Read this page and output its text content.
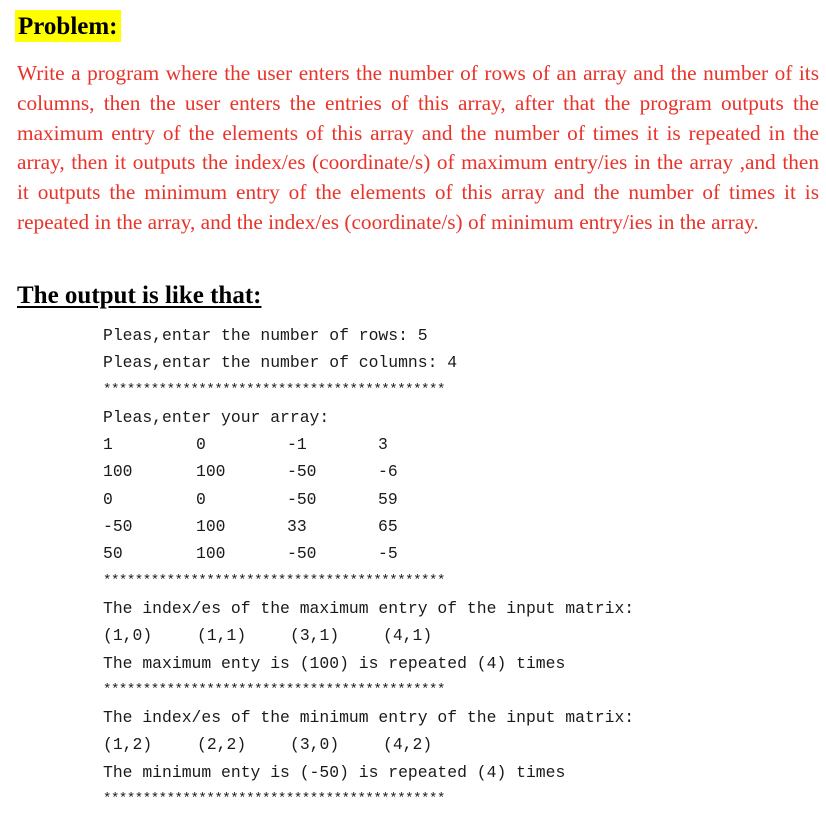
Problem:

Write a program where the user enters the number of rows of an array and the number of its columns, then the user enters the entries of this array, after that the program outputs the maximum entry of the elements of this array and the number of times it is repeated in the array, then it outputs the index/es (coordinate/s) of maximum entry/ies in the array ,and then it outputs the minimum entry of the elements of this array and the number of times it is repeated in the array, and the index/es (coordinate/s) of minimum entry/ies in the array.

The output is like that:
Pleas,entar the number of rows: 5
Pleas,entar the number of columns: 4
*******************************************
Pleas,enter your array:
1	0	-1	3
100	100	-50	-6
0	0	-50	59
-50	100	33	65
50	100	-50	-5
*******************************************
The index/es of the maximum entry of the input matrix:
(1,0)	(1,1)	(3,1)	(4,1)
The maximum enty is (100) is repeated (4) times
*******************************************
The index/es of the minimum entry of the input matrix:
(1,2)	(2,2)	(3,0)	(4,2)
The minimum enty is (-50) is repeated (4) times
*******************************************
